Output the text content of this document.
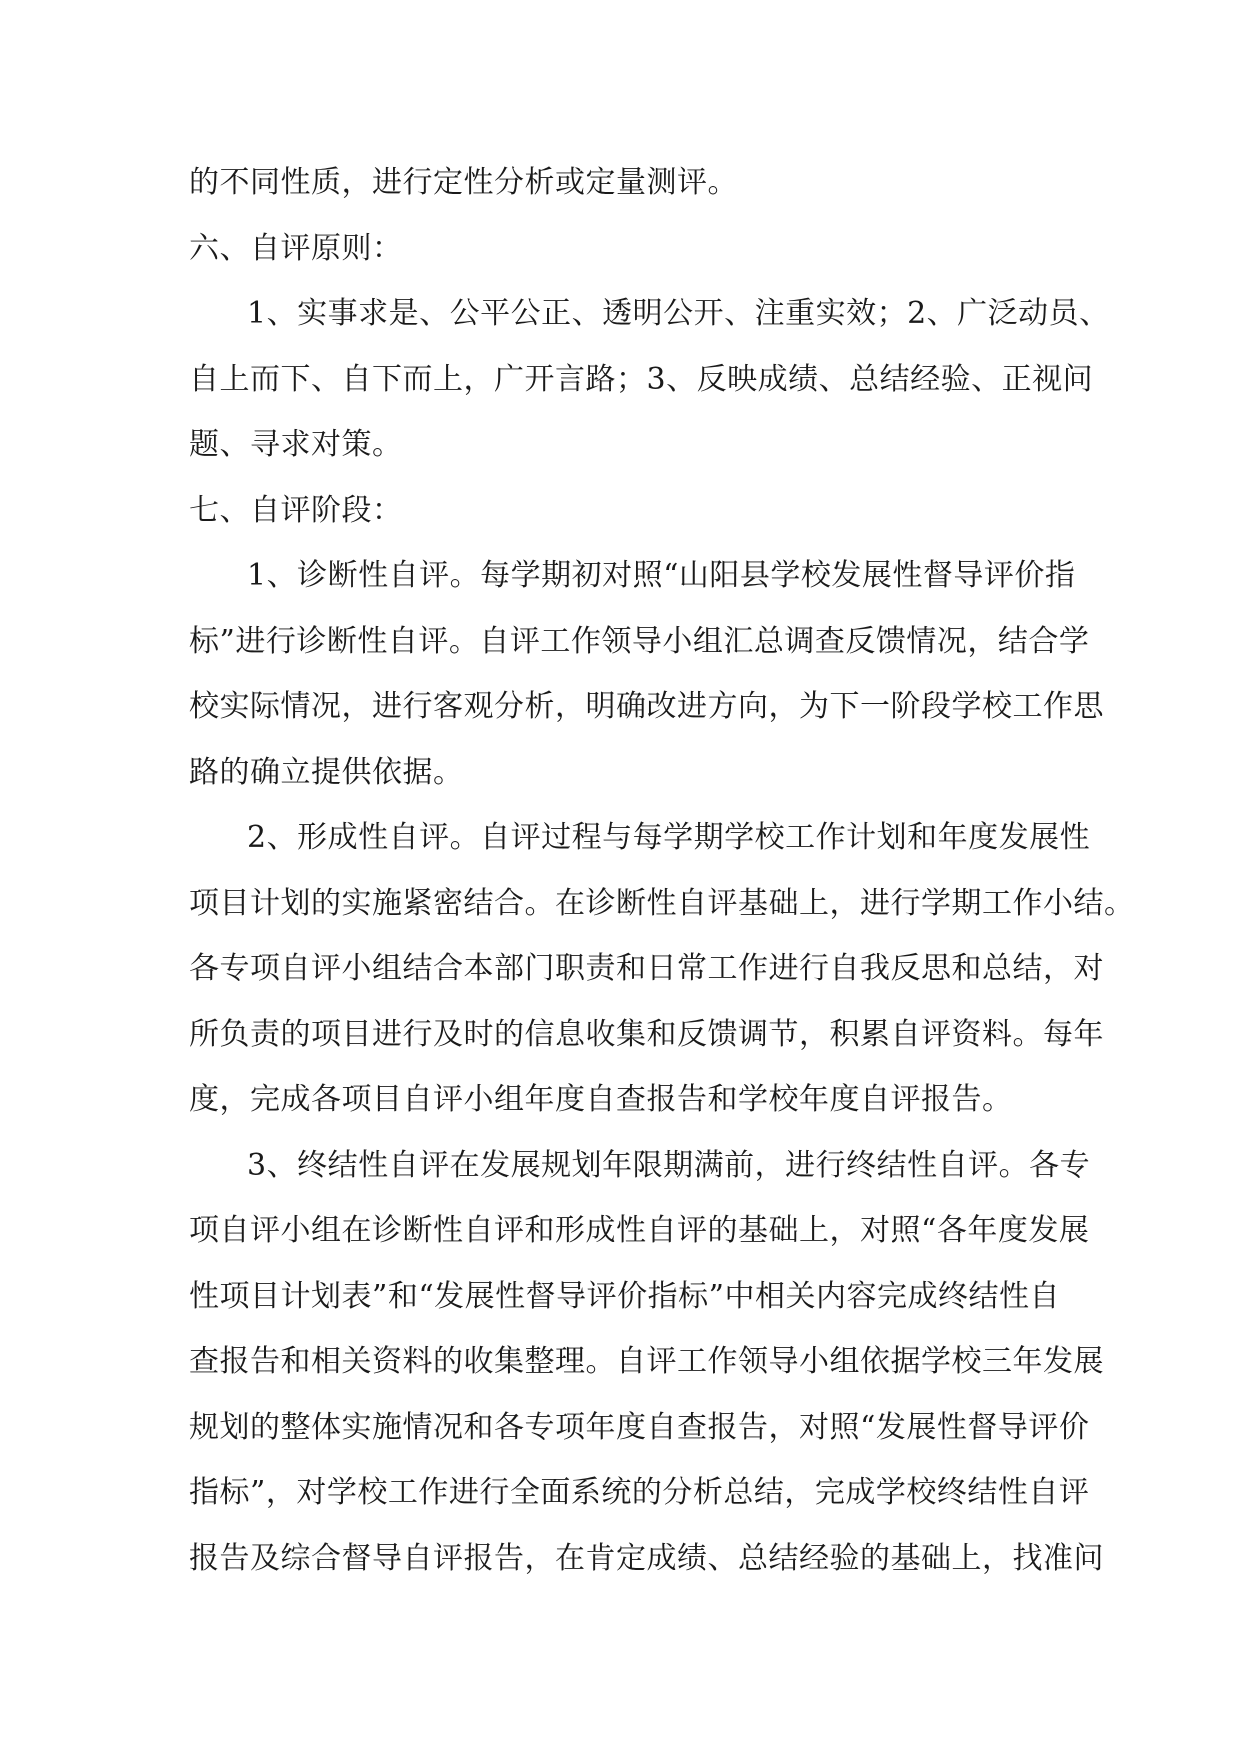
的不同性质，进行定性分析或定量测评。
六、自评原则：
1、实事求是、公平公正、透明公开、注重实效；2、广泛动员、
自上而下、自下而上，广开言路；3、反映成绩、总结经验、正视问
题、寻求对策。
七、自评阶段：
1、诊断性自评。每学期初对照“山阳县学校发展性督导评价指
标”进行诊断性自评。自评工作领导小组汇总调查反馈情况，结合学
校实际情况，进行客观分析，明确改进方向，为下一阶段学校工作思
路的确立提供依据。
2、形成性自评。自评过程与每学期学校工作计划和年度发展性
项目计划的实施紧密结合。在诊断性自评基础上，进行学期工作小结。
各专项自评小组结合本部门职责和日常工作进行自我反思和总结，对
所负责的项目进行及时的信息收集和反馈调节，积累自评资料。每年
度，完成各项目自评小组年度自查报告和学校年度自评报告。
3、终结性自评在发展规划年限期满前，进行终结性自评。各专
项自评小组在诊断性自评和形成性自评的基础上，对照“各年度发展
性项目计划表”和“发展性督导评价指标”中相关内容完成终结性自
查报告和相关资料的收集整理。自评工作领导小组依据学校三年发展
规划的整体实施情况和各专项年度自查报告，对照“发展性督导评价
指标”，对学校工作进行全面系统的分析总结，完成学校终结性自评
报告及综合督导自评报告，在肯定成绩、总结经验的基础上，找准问
